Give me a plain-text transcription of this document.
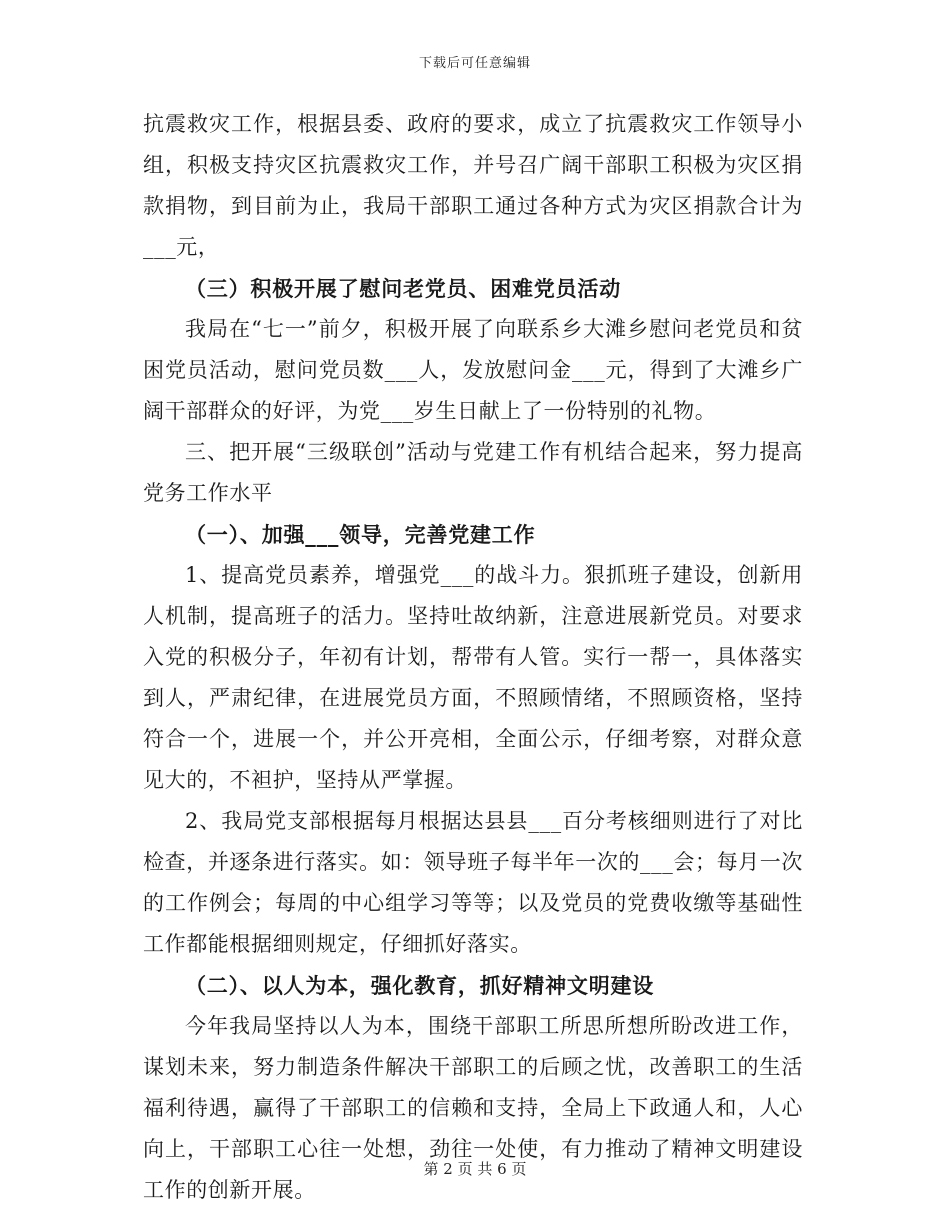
下载后可任意编辑

抗震救灾工作，根据县委、政府的要求，成立了抗震救灾工作领导小组，积极支持灾区抗震救灾工作，并号召广阔干部职工积极为灾区捐款捐物，到目前为止，我局干部职工通过各种方式为灾区捐款合计为___元，

（三）积极开展了慰问老党员、困难党员活动

我局在“七一”前夕，积极开展了向联系乡大滩乡慰问老党员和贫困党员活动，慰问党员数___人，发放慰问金___元，得到了大滩乡广阔干部群众的好评，为党___岁生日献上了一份特别的礼物。

三、把开展“三级联创”活动与党建工作有机结合起来，努力提高党务工作水平

（一）、加强___领导，完善党建工作

1、提高党员素养，增强党___的战斗力。狠抓班子建设，创新用人机制，提高班子的活力。坚持吐故纳新，注意进展新党员。对要求入党的积极分子，年初有计划，帮带有人管。实行一帮一，具体落实到人，严肃纪律，在进展党员方面，不照顾情绪，不照顾资格，坚持符合一个，进展一个，并公开亮相，全面公示，仔细考察，对群众意见大的，不袒护，坚持从严掌握。

2、我局党支部根据每月根据达县县___百分考核细则进行了对比检查，并逐条进行落实。如：领导班子每半年一次的___会；每月一次的工作例会；每周的中心组学习等等；以及党员的党费收缴等基础性工作都能根据细则规定，仔细抓好落实。

（二）、以人为本，强化教育，抓好精神文明建设

今年我局坚持以人为本，围绕干部职工所思所想所盼改进工作，谋划未来，努力制造条件解决干部职工的后顾之忧，改善职工的生活福利待遇，赢得了干部职工的信赖和支持，全局上下政通人和，人心向上，干部职工心往一处想，劲往一处使，有力推动了精神文明建设工作的创新开展。

第 2 页 共 6 页
